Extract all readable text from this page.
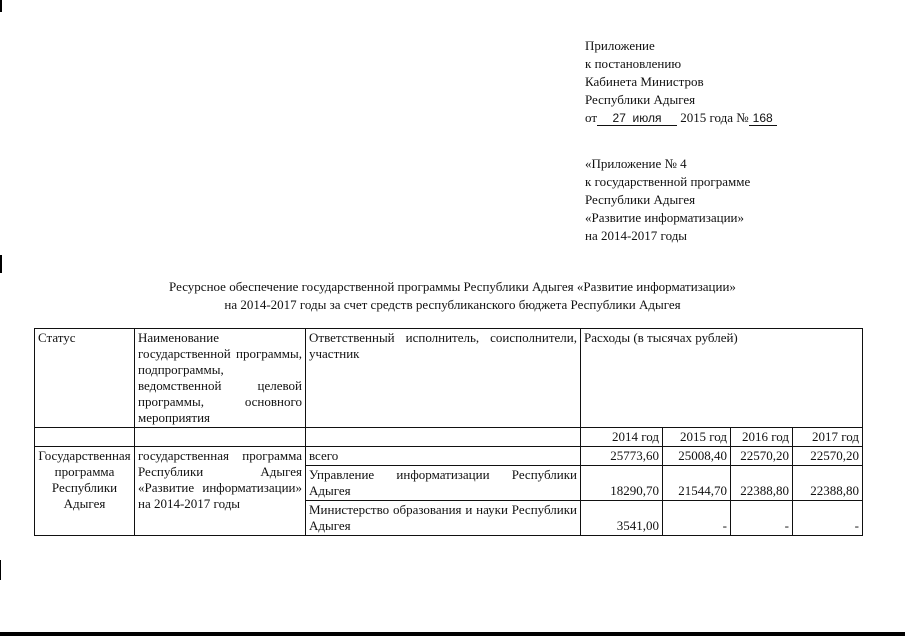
Приложение
к постановлению
Кабинета Министров
Республики Адыгея
от 27 июля 2015 года № 168
«Приложение № 4
к государственной программе
Республики Адыгея
«Развитие информатизации»
на 2014-2017 годы
Ресурсное обеспечение государственной программы Республики Адыгея «Развитие информатизации»
на 2014-2017 годы за счет средств республиканского бюджета Республики Адыгея
Статус	Наименование государственной программы, подпрограммы, ведомственной целевой программы, основного мероприятия	Ответственный исполнитель, соисполнители, участник	Расходы (в тысячах рублей)			
			2014 год	2015 год	2016 год	2017 год
Государственная программа Республики Адыгея	государственная программа Республики Адыгея «Развитие информатизации» на 2014-2017 годы	всего	25773,60	25008,40	22570,20	22570,20
		Управление информатизации Республики Адыгея	18290,70	21544,70	22388,80	22388,80
		Министерство образования и науки Республики Адыгея	3541,00	-	-	-
